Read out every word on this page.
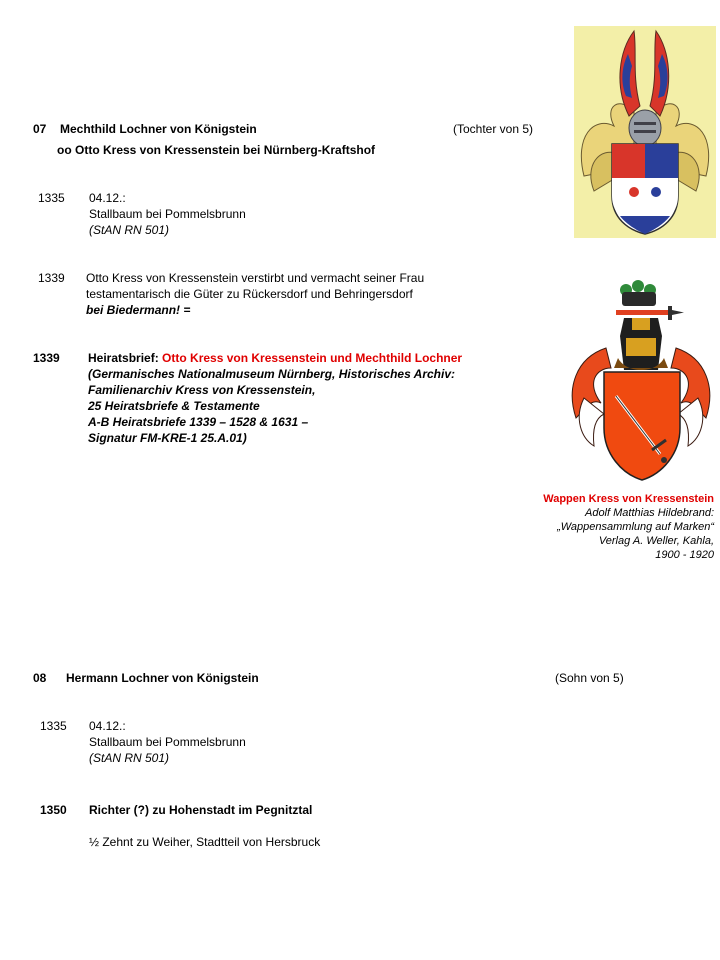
07 Mechthild Lochner von Königstein	(Tochter von 5)
oo Otto Kress von Kressenstein bei Nürnberg-Kraftshof
1335 04.12.:
Stallbaum bei Pommelsbrunn
(StAN RN 501)
1339 Otto Kress von Kressenstein verstirbt und vermacht seiner Frau
testamentarisch die Güter zu Rückersdorf und Behringersdorf
bei Biedermann! =
1339 Heiratsbrief: Otto Kress von Kressenstein und Mechthild Lochner
(Germanisches Nationalmuseum Nürnberg, Historisches Archiv:
Familienarchiv Kress von Kressenstein,
25 Heiratsbriefe & Testamente
A-B Heiratsbriefe 1339 – 1528 & 1631 –
Signatur FM-KRE-1 25.A.01)
Wappen Kress von Kressenstein
Adolf Matthias Hildebrand:
„Wappensammlung auf Marken“
Verlag A. Weller, Kahla,
1900 - 1920
08 Hermann Lochner von Königstein	(Sohn von 5)
1335 04.12.:
Stallbaum bei Pommelsbrunn
(StAN RN 501)
1350 Richter (?) zu Hohenstadt im Pegnitztal
½ Zehnt zu Weiher, Stadtteil von Hersbruck
